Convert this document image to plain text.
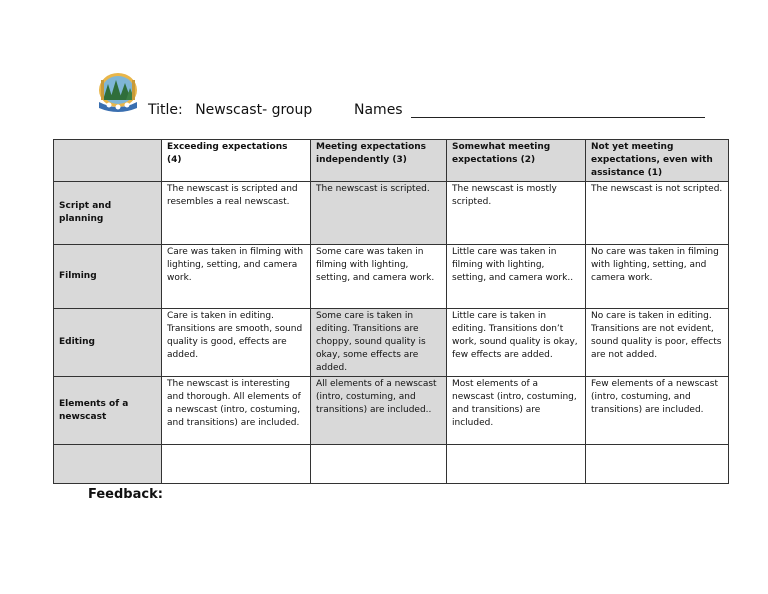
Title: Newscast- group	Names
	Exceeding expectations (4)	Meeting expectations independently (3)	Somewhat meeting expectations (2)	Not yet meeting expectations, even with assistance (1)
Script and planning	The newscast is scripted and resembles a real newscast.	The newscast is scripted.	The newscast is mostly scripted.	The newscast is not scripted.
Filming	Care was taken in filming with lighting, setting, and camera work.	Some care was taken in filming with lighting, setting, and camera work.	Little care was taken in filming with lighting, setting, and camera work..	No care was taken in filming with lighting, setting, and camera work.
Editing	Care is taken in editing. Transitions are smooth, sound quality is good, effects are added.	Some care is taken in editing. Transitions are choppy, sound quality is okay, some effects are added.	Little care is taken in editing. Transitions don’t work, sound quality is okay, few effects are added.	No care is taken in editing. Transitions are not evident, sound quality is poor, effects are not added.
Elements of a newscast	The newscast is interesting and thorough. All elements of a newscast (intro, costuming, and transitions) are included.	All elements of a newscast (intro, costuming, and transitions) are included..	Most elements of a newscast (intro, costuming, and transitions) are included.	Few elements of a newscast (intro, costuming, and transitions) are included.

Feedback:
